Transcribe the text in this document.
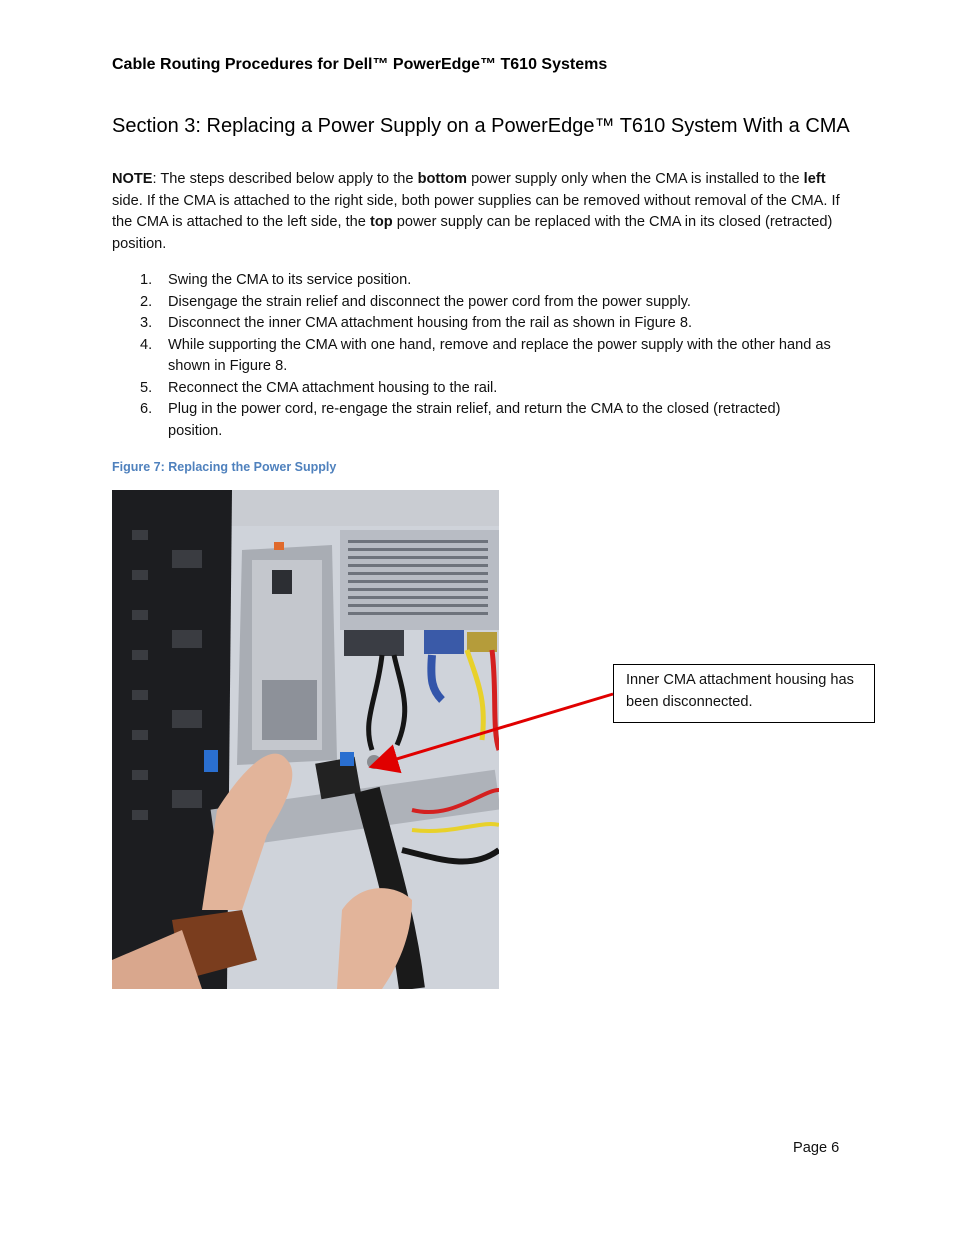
Cable Routing Procedures for Dell™ PowerEdge™ T610 Systems
Section 3: Replacing a Power Supply on a PowerEdge™ T610 System With a CMA

NOTE: The steps described below apply to the bottom power supply only when the CMA is installed to the left side. If the CMA is attached to the right side, both power supplies can be removed without removal of the CMA. If the CMA is attached to the left side, the top power supply can be replaced with the CMA in its closed (retracted) position.

1. Swing the CMA to its service position.
2. Disengage the strain relief and disconnect the power cord from the power supply.
3. Disconnect the inner CMA attachment housing from the rail as shown in Figure 8.
4. While supporting the CMA with one hand, remove and replace the power supply with the other hand as shown in Figure 8.
5. Reconnect the CMA attachment housing to the rail.
6. Plug in the power cord, re-engage the strain relief, and return the CMA to the closed (retracted) position.
Figure 7: Replacing the Power Supply
Inner CMA attachment housing has been disconnected.
Page 6
